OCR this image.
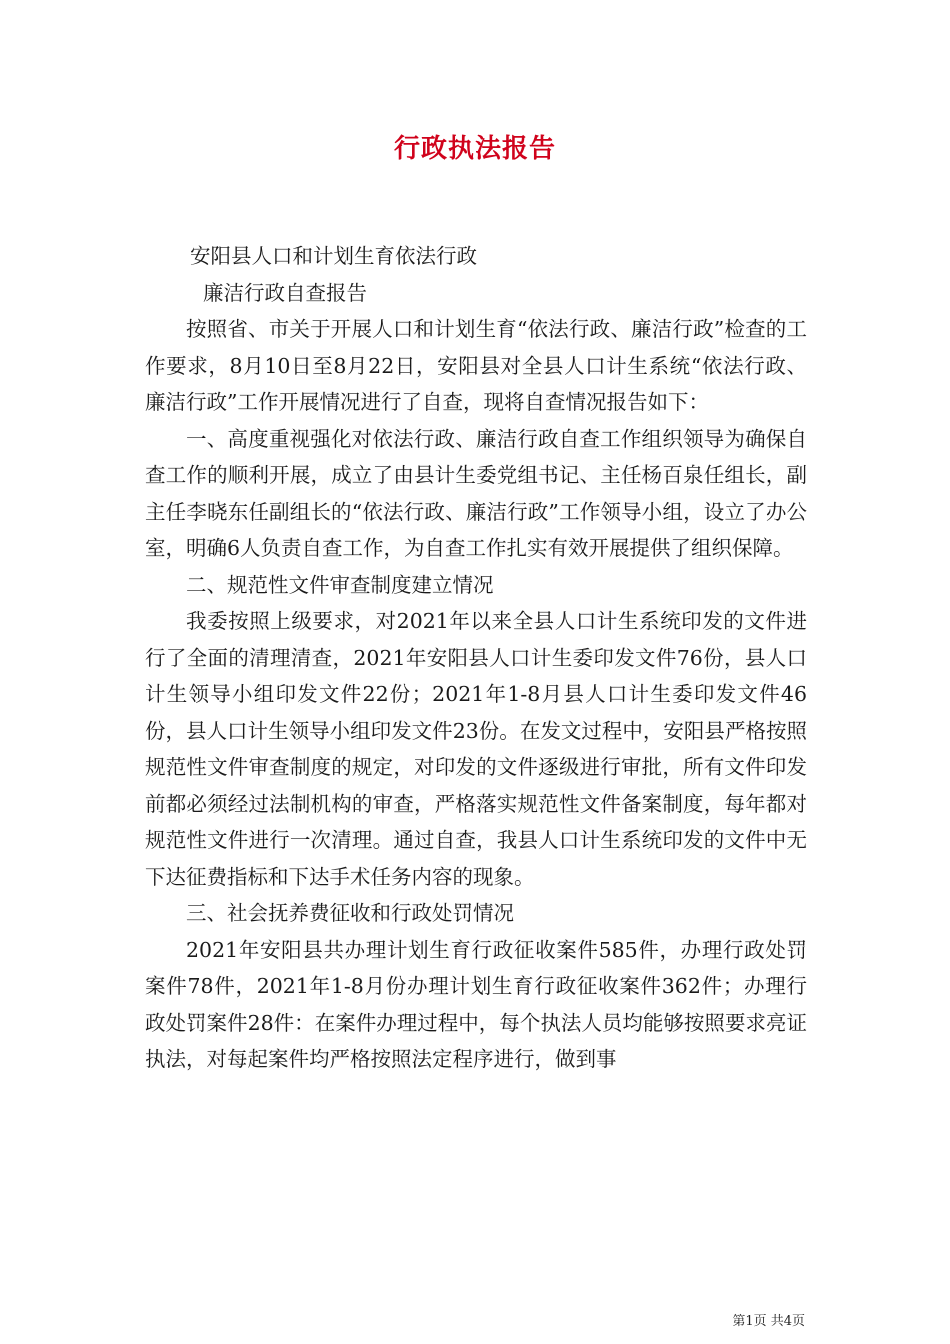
行政执法报告

安阳县人口和计划生育依法行政

廉洁行政自查报告

按照省、市关于开展人口和计划生育“依法行政、廉洁行政”检查的工作要求，8月10日至8月22日，安阳县对全县人口计生系统“依法行政、廉洁行政”工作开展情况进行了自查，现将自查情况报告如下：

一、高度重视强化对依法行政、廉洁行政自查工作组织领导为确保自查工作的顺利开展，成立了由县计生委党组书记、主任杨百泉任组长，副主任李晓东任副组长的“依法行政、廉洁行政”工作领导小组，设立了办公室，明确6人负责自查工作，为自查工作扎实有效开展提供了组织保障。

二、规范性文件审查制度建立情况

我委按照上级要求，对2021年以来全县人口计生系统印发的文件进行了全面的清理清查，2021年安阳县人口计生委印发文件76份，县人口计生领导小组印发文件22份；2021年1-8月县人口计生委印发文件46份，县人口计生领导小组印发文件23份。在发文过程中，安阳县严格按照规范性文件审查制度的规定，对印发的文件逐级进行审批，所有文件印发前都必须经过法制机构的审查，严格落实规范性文件备案制度，每年都对规范性文件进行一次清理。通过自查，我县人口计生系统印发的文件中无下达征费指标和下达手术任务内容的现象。

三、社会抚养费征收和行政处罚情况

2021年安阳县共办理计划生育行政征收案件585件，办理行政处罚案件78件，2021年1-8月份办理计划生育行政征收案件362件；办理行政处罚案件28件：在案件办理过程中，每个执法人员均能够按照要求亮证执法，对每起案件均严格按照法定程序进行，做到事

第1页 共4页
